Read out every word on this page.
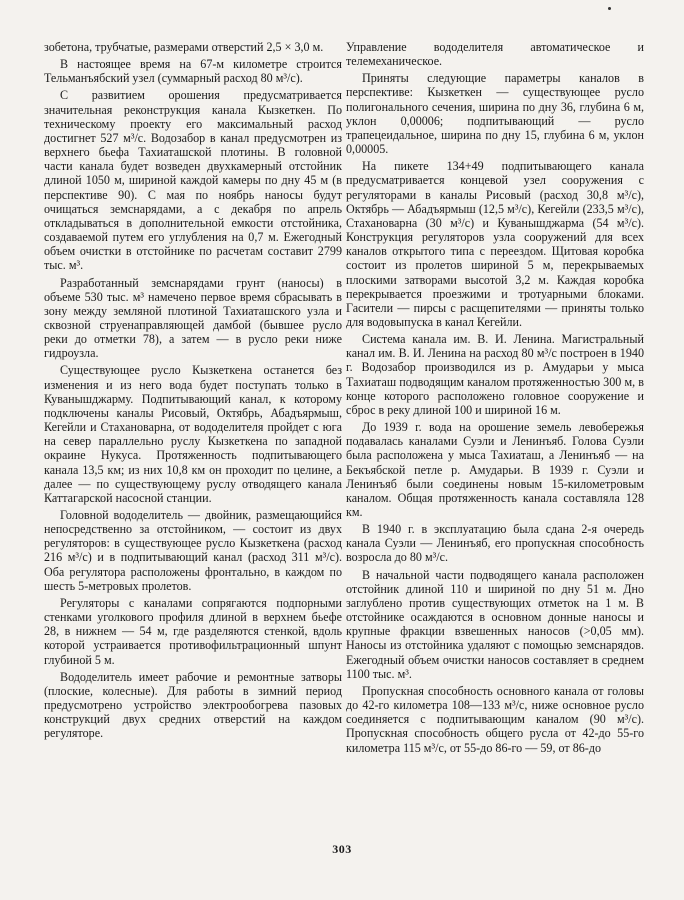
зобетона, трубчатые, размерами отверстий 2,5 × 3,0 м.

В настоящее время на 67-м километре строится Тельманъябский узел (суммарный расход 80 м³/с).

С развитием орошения предусматривается значительная реконструкция канала Кызкеткен. По техническому проекту его максимальный расход достигнет 527 м³/с. Водозабор в канал предусмотрен из верхнего бьефа Тахиаташской плотины. В головной части канала будет возведен двухкамерный отстойник длиной 1050 м, шириной каждой камеры по дну 45 м (в перспективе 90). С мая по ноябрь наносы будут очищаться земснарядами, а с декабря по апрель откладываться в дополнительной емкости отстойника, создаваемой путем его углубления на 0,7 м. Ежегодный объем очистки в отстойнике по расчетам составит 2799 тыс. м³.

Разработанный земснарядами грунт (наносы) в объеме 530 тыс. м³ намечено первое время сбрасывать в зону между земляной плотиной Тахиаташского узла и сквозной струенаправляющей дамбой (бывшее русло реки до отметки 78), а затем — в русло реки ниже гидроузла.

Существующее русло Кызкеткена останется без изменения и из него вода будет поступать только в Куванышджарму. Подпитывающий канал, к которому подключены каналы Рисовый, Октябрь, Абадъярмыш, Кегейли и Стахановарна, от вододелителя пройдет с юга на север параллельно руслу Кызкеткена по западной окраине Нукуса. Протяженность подпитывающего канала 13,5 км; из них 10,8 км он проходит по целине, а далее — по существующему руслу отводящего канала Каттагарской насосной станции.

Головной вододелитель — двойник, размещающийся непосредственно за отстойником, — состоит из двух регуляторов: в существующее русло Кызкеткена (расход 216 м³/с) и в подпитывающий канал (расход 311 м³/с). Оба регулятора расположены фронтально, в каждом по шесть 5-метровых пролетов.

Регуляторы с каналами сопрягаются подпорными стенками уголкового профиля длиной в верхнем бьефе 28, в нижнем — 54 м, где разделяются стенкой, вдоль которой устраивается противофильтрационный шпунт глубиной 5 м.

Вододелитель имеет рабочие и ремонтные затворы (плоские, колесные). Для работы в зимний период предусмотрено устройство электрообогрева пазовых конструкций двух средних отверстий на каждом регуляторе.

Управление вододелителя автоматическое и телемеханическое.

Приняты следующие параметры каналов в перспективе: Кызкеткен — существующее русло полигонального сечения, ширина по дну 36, глубина 6 м, уклон 0,00006; подпитывающий — русло трапецеидальное, ширина по дну 15, глубина 6 м, уклон 0,00005.

На пикете 134+49 подпитывающего канала предусматривается концевой узел сооружения с регуляторами в каналы Рисовый (расход 30,8 м³/с), Октябрь — Абадъярмыш (12,5 м³/с), Кегейли (233,5 м³/с), Стахановарна (30 м³/с) и Куванышджарма (54 м³/с). Конструкция регуляторов узла сооружений для всех каналов открытого типа с переездом. Щитовая коробка состоит из пролетов шириной 5 м, перекрываемых плоскими затворами высотой 3,2 м. Каждая коробка перекрывается проезжими и тротуарными блоками. Гасители — пирсы с расщепителями — приняты только для водовыпуска в канал Кегейли.

Система канала им. В. И. Ленина. Магистральный канал им. В. И. Ленина на расход 80 м³/с построен в 1940 г. Водозабор производился из р. Амударьи у мыса Тахиаташ подводящим каналом протяженностью 300 м, в конце которого расположено головное сооружение и сброс в реку длиной 100 и шириной 16 м.

До 1939 г. вода на орошение земель левобережья подавалась каналами Суэли и Ленинъяб. Голова Суэли была расположена у мыса Тахиаташ, а Ленинъяб — на Бекъябской петле р. Амударьи. В 1939 г. Суэли и Ленинъяб были соединены новым 15-километровым каналом. Общая протяженность канала составляла 128 км.

В 1940 г. в эксплуатацию была сдана 2-я очередь канала Суэли — Ленинъяб, его пропускная способность возросла до 80 м³/с.

В начальной части подводящего канала расположен отстойник длиной 110 и шириной по дну 51 м. Дно заглублено против существующих отметок на 1 м. В отстойнике осаждаются в основном донные наносы и крупные фракции взвешенных наносов (>0,05 мм). Наносы из отстойника удаляют с помощью земснарядов. Ежегодный объем очистки наносов составляет в среднем 1100 тыс. м³.

Пропускная способность основного канала от головы до 42-го километра 108—133 м³/с, ниже основное русло соединяется с подпитывающим каналом (90 м³/с). Пропускная способность общего русла от 42-до 55-го километра 115 м³/с, от 55-до 86-го — 59, от 86-до

303
